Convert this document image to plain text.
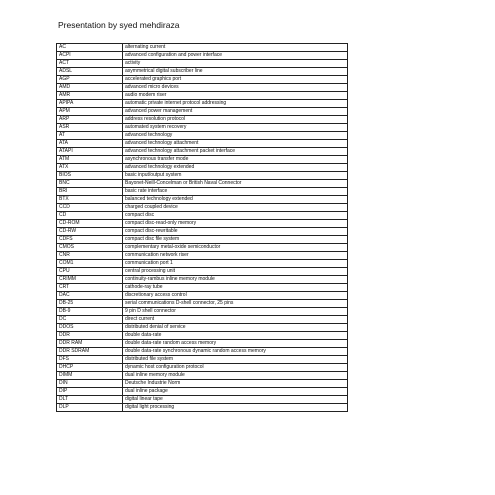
Presentation by syed mehdiraza
AC	alternating current
ACPI	advanced configuration and power interface
ACT	activity
ADSL	asymmetrical digital subscriber line
AGP	accelerated graphics port
AMD	advanced micro devices
AMR	audio modem riser
APIPA	automatic private internet protocol addressing
APM	advanced power management
ARP	address resolution protocol
ASR	automated system recovery
AT	advanced technology
ATA	advanced technology attachment
ATAPI	advanced technology attachment packet interface
ATM	asynchronous transfer mode
ATX	advanced technology extended
BIOS	basic input/output system
BNC	Bayonet-Neill-Concelman or British Naval Connector
BRI	basic rate interface
BTX	balanced technology extended
CCD	charged coupled device
CD	compact disc
CD-ROM	compact disc-read-only memory
CD-RW	compact disc-rewritable
CDFS	compact disc file system
CMOS	complementary metal-oxide semiconductor
CNR	communication network riser
COM1	communication port 1
CPU	central processing unit
CRIMM	continuity-rambus inline memory module
CRT	cathode-ray tube
DAC	discretionary access control
DB-25	serial communications D-shell connector, 25 pins
DB-9	9 pin D shell connector
DC	direct current
DDOS	distributed denial of service
DDR	double data-rate
DDR RAM	double data-rate random access memory
DDR SDRAM	double data-rate synchronous dynamic random access memory
DFS	distributed file system
DHCP	dynamic host configuration protocol
DIMM	dual inline memory module
DIN	Deutsche Industrie Norm
DIP	dual inline package
DLT	digital linear tape
DLP	digital light processing
